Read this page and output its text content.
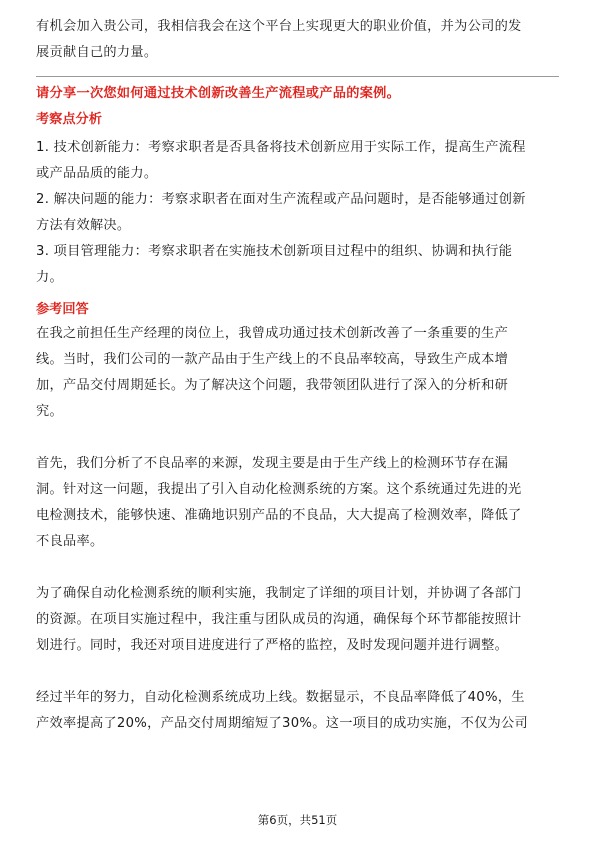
有机会加入贵公司，我相信我会在这个平台上实现更大的职业价值，并为公司的发

展贡献自己的力量。

请分享一次您如何通过技术创新改善生产流程或产品的案例。
考察点分析

1. 技术创新能力：考察求职者是否具备将技术创新应用于实际工作，提高生产流程

或产品品质的能力。

2. 解决问题的能力：考察求职者在面对生产流程或产品问题时，是否能够通过创新

方法有效解决。

3. 项目管理能力：考察求职者在实施技术创新项目过程中的组织、协调和执行能

力。

参考回答

在我之前担任生产经理的岗位上，我曾成功通过技术创新改善了一条重要的生产

线。当时，我们公司的一款产品由于生产线上的不良品率较高，导致生产成本增

加，产品交付周期延长。为了解决这个问题，我带领团队进行了深入的分析和研

究。

首先，我们分析了不良品率的来源，发现主要是由于生产线上的检测环节存在漏

洞。针对这一问题，我提出了引入自动化检测系统的方案。这个系统通过先进的光

电检测技术，能够快速、准确地识别产品的不良品，大大提高了检测效率，降低了

不良品率。

为了确保自动化检测系统的顺利实施，我制定了详细的项目计划，并协调了各部门

的资源。在项目实施过程中，我注重与团队成员的沟通，确保每个环节都能按照计

划进行。同时，我还对项目进度进行了严格的监控，及时发现问题并进行调整。

经过半年的努力，自动化检测系统成功上线。数据显示，不良品率降低了40%，生

产效率提高了20%，产品交付周期缩短了30%。这一项目的成功实施，不仅为公司

第6页，共51页
